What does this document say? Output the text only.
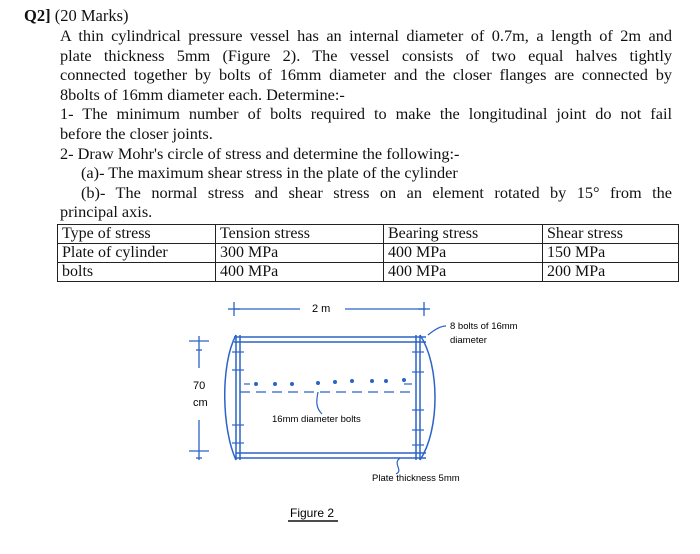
Q2] (20 Marks)
A thin cylindrical pressure vessel has an internal diameter of 0.7m, a length of 2m and
plate thickness 5mm (Figure 2). The vessel consists of two equal halves tightly
connected together by bolts of 16mm diameter and the closer flanges are connected by
8bolts of 16mm diameter each. Determine:-
1- The minimum number of bolts required to make the longitudinal joint do not fail
before the closer joints.
2- Draw Mohr's circle of stress and determine the following:-
(a)- The maximum shear stress in the plate of the cylinder
(b)- The normal stress and shear stress on an element rotated by 15° from the
principal axis.
Type of stress	Tension stress	Bearing stress	Shear stress
Plate of cylinder	300 MPa	400 MPa	150 MPa
bolts	400 MPa	400 MPa	200 MPa
2 m
70
cm
16mm diameter bolts
8 bolts of 16mm
diameter
Plate thickness 5mm
Figure 2
